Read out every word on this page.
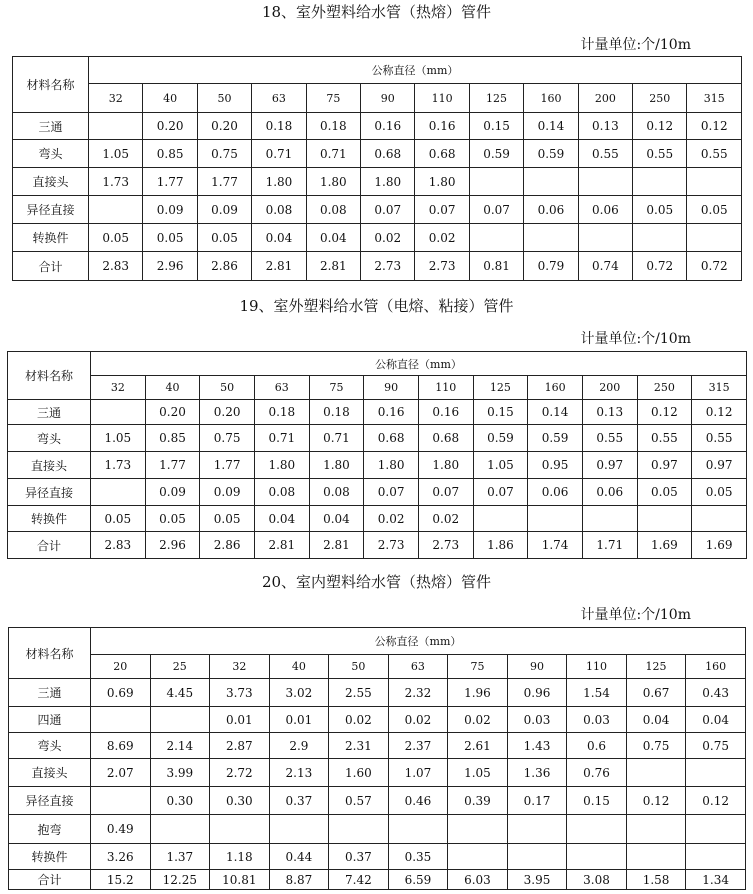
18、室外塑料给水管（热熔）管件
计量单位:个/10m
材料名称	公称直径（mm）											
	32	40	50	63	75	90	110	125	160	200	250	315
三通		0.20	0.20	0.18	0.18	0.16	0.16	0.15	0.14	0.13	0.12	0.12
弯头	1.05	0.85	0.75	0.71	0.71	0.68	0.68	0.59	0.59	0.55	0.55	0.55
直接头	1.73	1.77	1.77	1.80	1.80	1.80	1.80					
异径直接		0.09	0.09	0.08	0.08	0.07	0.07	0.07	0.06	0.06	0.05	0.05
转换件	0.05	0.05	0.05	0.04	0.04	0.02	0.02					
合计	2.83	2.96	2.86	2.81	2.81	2.73	2.73	0.81	0.79	0.74	0.72	0.72
19、室外塑料给水管（电熔、粘接）管件
计量单位:个/10m
材料名称	公称直径（mm）											
	32	40	50	63	75	90	110	125	160	200	250	315
三通		0.20	0.20	0.18	0.18	0.16	0.16	0.15	0.14	0.13	0.12	0.12
弯头	1.05	0.85	0.75	0.71	0.71	0.68	0.68	0.59	0.59	0.55	0.55	0.55
直接头	1.73	1.77	1.77	1.80	1.80	1.80	1.80	1.05	0.95	0.97	0.97	0.97
异径直接		0.09	0.09	0.08	0.08	0.07	0.07	0.07	0.06	0.06	0.05	0.05
转换件	0.05	0.05	0.05	0.04	0.04	0.02	0.02					
合计	2.83	2.96	2.86	2.81	2.81	2.73	2.73	1.86	1.74	1.71	1.69	1.69
20、室内塑料给水管（热熔）管件
计量单位:个/10m
材料名称	公称直径（mm）										
	20	25	32	40	50	63	75	90	110	125	160
三通	0.69	4.45	3.73	3.02	2.55	2.32	1.96	0.96	1.54	0.67	0.43
四通			0.01	0.01	0.02	0.02	0.02	0.03	0.03	0.04	0.04
弯头	8.69	2.14	2.87	2.9	2.31	2.37	2.61	1.43	0.6	0.75	0.75
直接头	2.07	3.99	2.72	2.13	1.60	1.07	1.05	1.36	0.76		
异径直接		0.30	0.30	0.37	0.57	0.46	0.39	0.17	0.15	0.12	0.12
抱弯	0.49										
转换件	3.26	1.37	1.18	0.44	0.37	0.35					
合计	15.2	12.25	10.81	8.87	7.42	6.59	6.03	3.95	3.08	1.58	1.34
